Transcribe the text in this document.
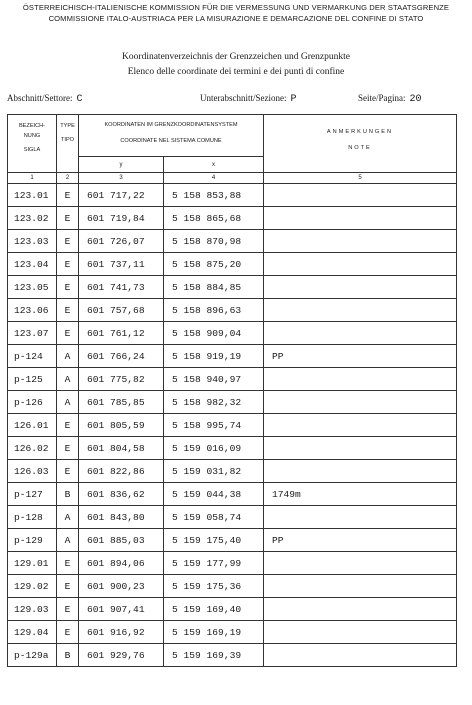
ÖSTERREICHISCH-ITALIENISCHE KOMMISSION FÜR DIE VERMESSUNG UND VERMARKUNG DER STAATSGRENZE
COMMISSIONE ITALO-AUSTRIACA PER LA MISURAZIONE E DEMARCAZIONE DEL CONFINE DI STATO
Koordinatenverzeichnis der Grenzzeichen und Grenzpunkte
Elenco delle coordinate dei termini e dei punti di confine
Abschnitt/Settore: C	Unterabschnitt/Sezione: P	Seite/Pagina: 20
BEZEICH-
NUNG
SIGLA	TYPE
TIPO	KOORDINATEN IM GRENZKOORDINATENSYSTEM
COORDINATE NEL SISTEMA COMUNE		ANMERKUNGEN
NOTE

		y	x	
1	2	3	4	5
123.01	E	601 717,22	5 158 853,88	
123.02	E	601 719,84	5 158 865,68	
123.03	E	601 726,07	5 158 870,98	
123.04	E	601 737,11	5 158 875,20	
123.05	E	601 741,73	5 158 884,85	
123.06	E	601 757,68	5 158 896,63	
123.07	E	601 761,12	5 158 909,04	
p-124	A	601 766,24	5 158 919,19	PP
p-125	A	601 775,82	5 158 940,97	
p-126	A	601 785,85	5 158 982,32	
126.01	E	601 805,59	5 158 995,74	
126.02	E	601 804,58	5 159 016,09	
126.03	E	601 822,86	5 159 031,82	
p-127	B	601 836,62	5 159 044,38	1749m
p-128	A	601 843,80	5 159 058,74	
p-129	A	601 885,03	5 159 175,40	PP
129.01	E	601 894,06	5 159 177,99	
129.02	E	601 900,23	5 159 175,36	
129.03	E	601 907,41	5 159 169,40	
129.04	E	601 916,92	5 159 169,19	
p-129a	B	601 929,76	5 159 169,39	
